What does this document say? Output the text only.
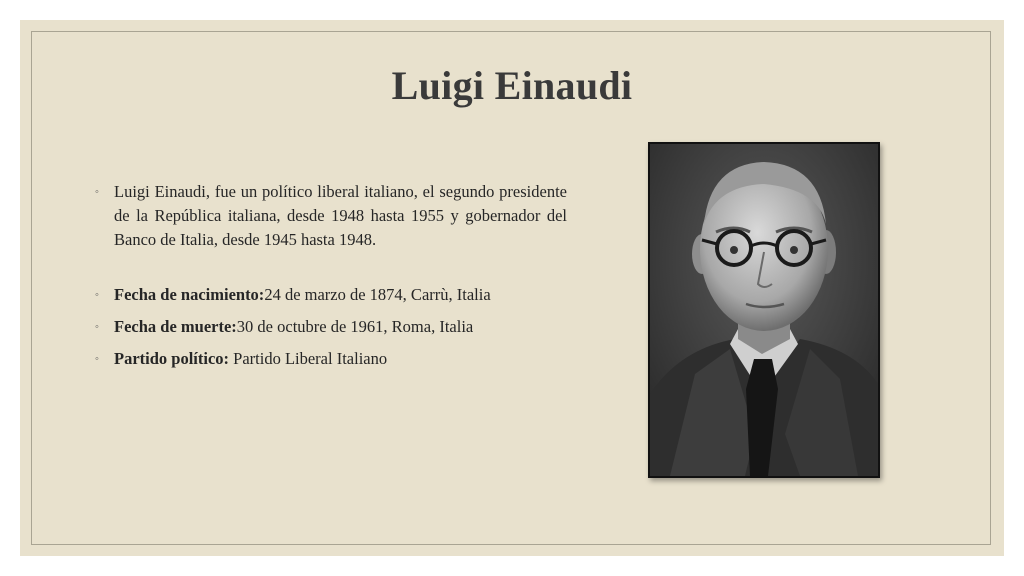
Luigi Einaudi
◦ Luigi Einaudi, fue un político liberal italiano, el segundo presidente de la República italiana, desde 1948 hasta 1955 y gobernador del Banco de Italia, desde 1945 hasta 1948.

◦ Fecha de nacimiento:24 de marzo de 1874, Carrù, Italia

◦ Fecha de muerte:30 de octubre de 1961, Roma, Italia

◦ Partido político: Partido Liberal Italiano
